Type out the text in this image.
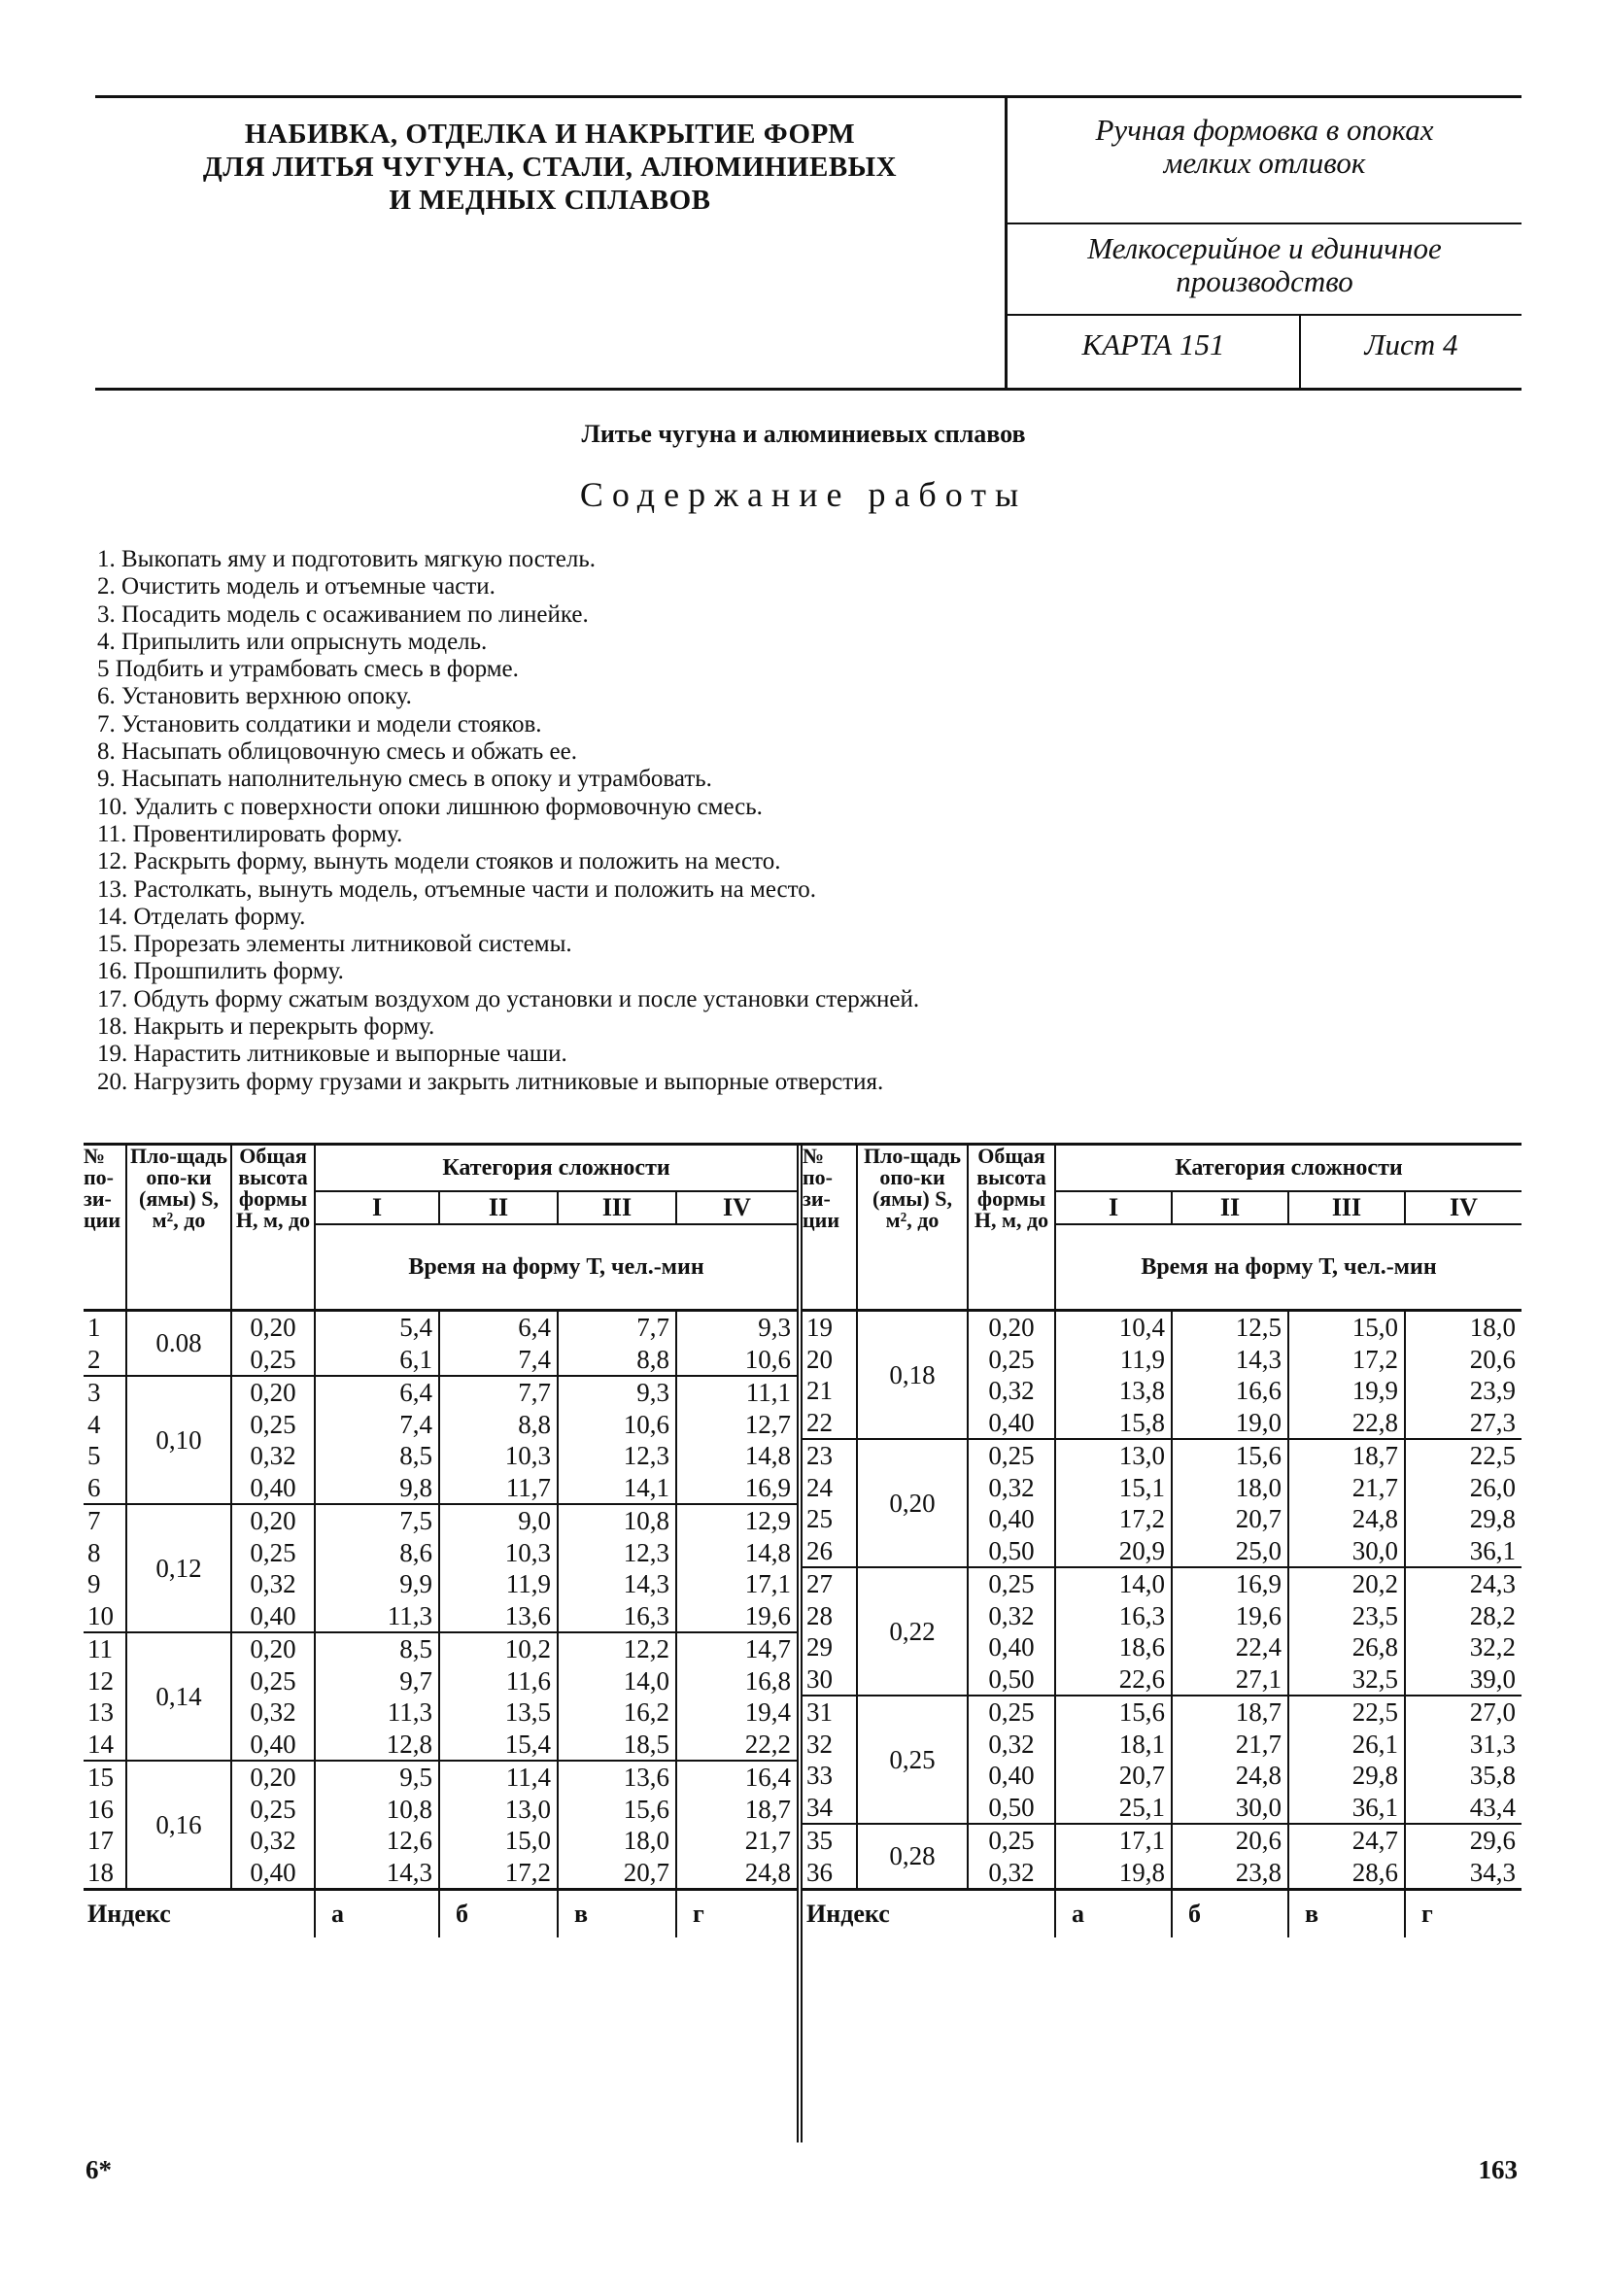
НАБИВКА, ОТДЕЛКА И НАКРЫТИЕ ФОРМ
ДЛЯ ЛИТЬЯ ЧУГУНА, СТАЛИ, АЛЮМИНИЕВЫХ
И МЕДНЫХ СПЛАВОВ
Ручная формовка в опоках
мелких отливок
Мелкосерийное и единичное
производство
КАРТА 151	Лист 4
Литье чугуна и алюминиевых сплавов
Содержание работы
1. Выкопать яму и подготовить мягкую постель.
2. Очистить модель и отъемные части.
3. Посадить модель с осаживанием по линейке.
4. Припылить или опрыснуть модель.
5 Подбить и утрамбовать смесь в форме.
6. Установить верхнюю опоку.
7. Установить солдатики и модели стояков.
8. Насыпать облицовочную смесь и обжать ее.
9. Насыпать наполнительную смесь в опоку и утрамбовать.
10. Удалить с поверхности опоки лишнюю формовочную смесь.
11. Провентилировать форму.
12. Раскрыть форму, вынуть модели стояков и положить на место.
13. Растолкать, вынуть модель, отъемные части и положить на место.
14. Отделать форму.
15. Прорезать элементы литниковой системы.
16. Прошпилить форму.
17. Обдуть форму сжатым воздухом до установки и после установки стержней.
18. Накрыть и перекрыть форму.
19. Нарастить литниковые и выпорные чаши.
20. Нагрузить форму грузами и закрыть литниковые и выпорные отверстия.
№ по-зи-ции	Пло-щадь опо-ки (ямы) S, м², до	Общая высота формы Н, м, до	Категория сложности			
			I	II	III	IV
			Время на форму Т, чел.-мин			
1	0.08	0,20	5,4	6,4	7,7	9,3
2		0,25	6,1	7,4	8,8	10,6
3	0,10	0,20	6,4	7,7	9,3	11,1
4		0,25	7,4	8,8	10,6	12,7
5		0,32	8,5	10,3	12,3	14,8
6		0,40	9,8	11,7	14,1	16,9
7	0,12	0,20	7,5	9,0	10,8	12,9
8		0,25	8,6	10,3	12,3	14,8
9		0,32	9,9	11,9	14,3	17,1
10		0,40	11,3	13,6	16,3	19,6
11	0,14	0,20	8,5	10,2	12,2	14,7
12		0,25	9,7	11,6	14,0	16,8
13		0,32	11,3	13,5	16,2	19,4
14		0,40	12,8	15,4	18,5	22,2
15	0,16	0,20	9,5	11,4	13,6	16,4
16		0,25	10,8	13,0	15,6	18,7
17		0,32	12,6	15,0	18,0	21,7
18		0,40	14,3	17,2	20,7	24,8
Индекс			а	б	в	г
№ по-зи-ции	Пло-щадь опо-ки (ямы) S, м², до	Общая высота формы Н, м, до	Категория сложности			
			I	II	III	IV
			Время на форму Т, чел.-мин			
19	0,18	0,20	10,4	12,5	15,0	18,0
20		0,25	11,9	14,3	17,2	20,6
21		0,32	13,8	16,6	19,9	23,9
22		0,40	15,8	19,0	22,8	27,3
23	0,20	0,25	13,0	15,6	18,7	22,5
24		0,32	15,1	18,0	21,7	26,0
25		0,40	17,2	20,7	24,8	29,8
26		0,50	20,9	25,0	30,0	36,1
27	0,22	0,25	14,0	16,9	20,2	24,3
28		0,32	16,3	19,6	23,5	28,2
29		0,40	18,6	22,4	26,8	32,2
30		0,50	22,6	27,1	32,5	39,0
31	0,25	0,25	15,6	18,7	22,5	27,0
32		0,32	18,1	21,7	26,1	31,3
33		0,40	20,7	24,8	29,8	35,8
34		0,50	25,1	30,0	36,1	43,4
35	0,28	0,25	17,1	20,6	24,7	29,6
36		0,32	19,8	23,8	28,6	34,3
Индекс			а	б	в	г
6*	163
